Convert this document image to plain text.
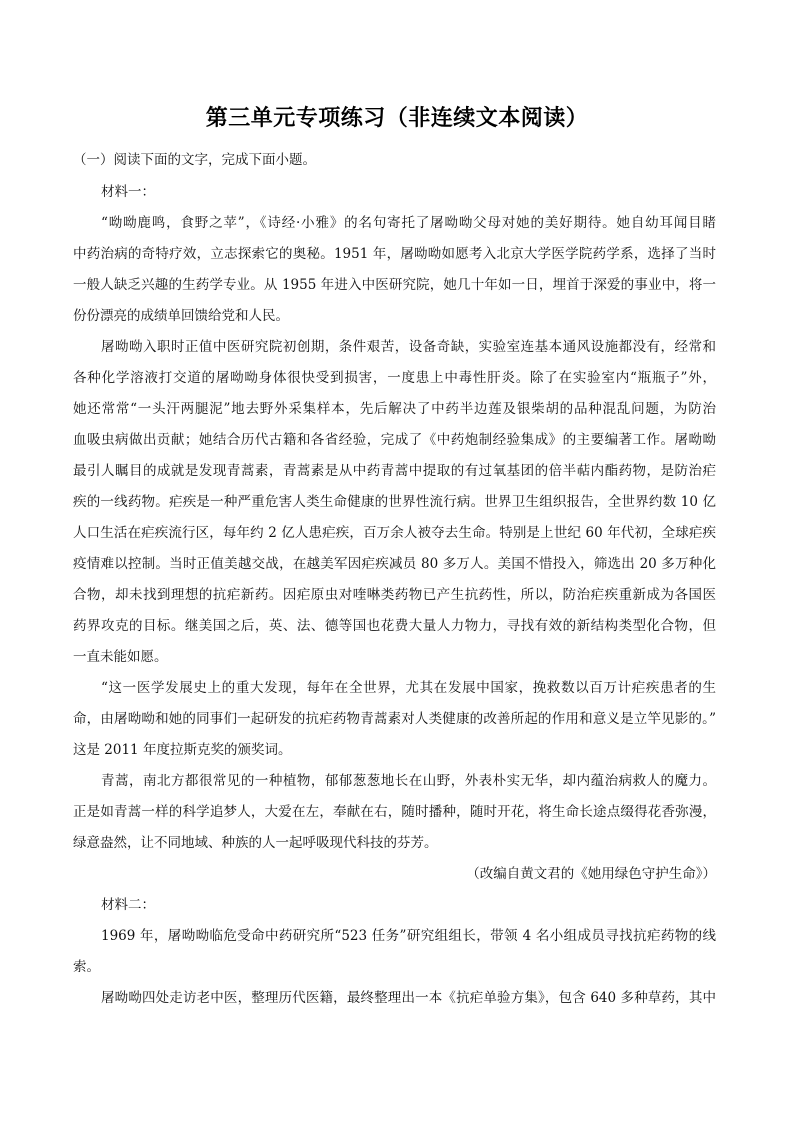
第三单元专项练习（非连续文本阅读）
（一）阅读下面的文字，完成下面小题。
材料一：
“呦呦鹿鸣，食野之苹”，《诗经·小雅》的名句寄托了屠呦呦父母对她的美好期待。她自幼耳闻目睹
中药治病的奇特疗效，立志探索它的奥秘。1951 年，屠呦呦如愿考入北京大学医学院药学系，选择了当时
一般人缺乏兴趣的生药学专业。从 1955 年进入中医研究院，她几十年如一日，埋首于深爱的事业中，将一
份份漂亮的成绩单回馈给党和人民。
屠呦呦入职时正值中医研究院初创期，条件艰苦，设备奇缺，实验室连基本通风设施都没有，经常和
各种化学溶液打交道的屠呦呦身体很快受到损害，一度患上中毒性肝炎。除了在实验室内“瓶瓶子”外，
她还常常“一头汗两腿泥”地去野外采集样本，先后解决了中药半边莲及银柴胡的品种混乱问题，为防治
血吸虫病做出贡献；她结合历代古籍和各省经验，完成了《中药炮制经验集成》的主要编著工作。屠呦呦
最引人瞩目的成就是发现青蒿素，青蒿素是从中药青蒿中提取的有过氧基团的倍半萜内酯药物，是防治疟
疾的一线药物。疟疾是一种严重危害人类生命健康的世界性流行病。世界卫生组织报告，全世界约数 10 亿
人口生活在疟疾流行区，每年约 2 亿人患疟疾，百万余人被夺去生命。特别是上世纪 60 年代初，全球疟疾
疫情难以控制。当时正值美越交战，在越美军因疟疾减员 80 多万人。美国不惜投入，筛选出 20 多万种化
合物，却未找到理想的抗疟新药。因疟原虫对喹啉类药物已产生抗药性，所以，防治疟疾重新成为各国医
药界攻克的目标。继美国之后，英、法、德等国也花费大量人力物力，寻找有效的新结构类型化合物，但
一直未能如愿。
“这一医学发展史上的重大发现，每年在全世界，尤其在发展中国家，挽救数以百万计疟疾患者的生
命，由屠呦呦和她的同事们一起研发的抗疟药物青蒿素对人类健康的改善所起的作用和意义是立竿见影的。”
这是 2011 年度拉斯克奖的颁奖词。
青蒿，南北方都很常见的一种植物，郁郁葱葱地长在山野，外表朴实无华，却内蕴治病救人的魔力。
正是如青蒿一样的科学追梦人，大爱在左，奉献在右，随时播种，随时开花，将生命长途点缀得花香弥漫，
绿意盎然，让不同地域、种族的人一起呼吸现代科技的芬芳。
（改编自黄文君的《她用绿色守护生命》）
材料二：
1969 年，屠呦呦临危受命中药研究所“523 任务”研究组组长，带领 4 名小组成员寻找抗疟药物的线
索。
屠呦呦四处走访老中医，整理历代医籍，最终整理出一本《抗疟单验方集》，包含 640 多种草药，其中
